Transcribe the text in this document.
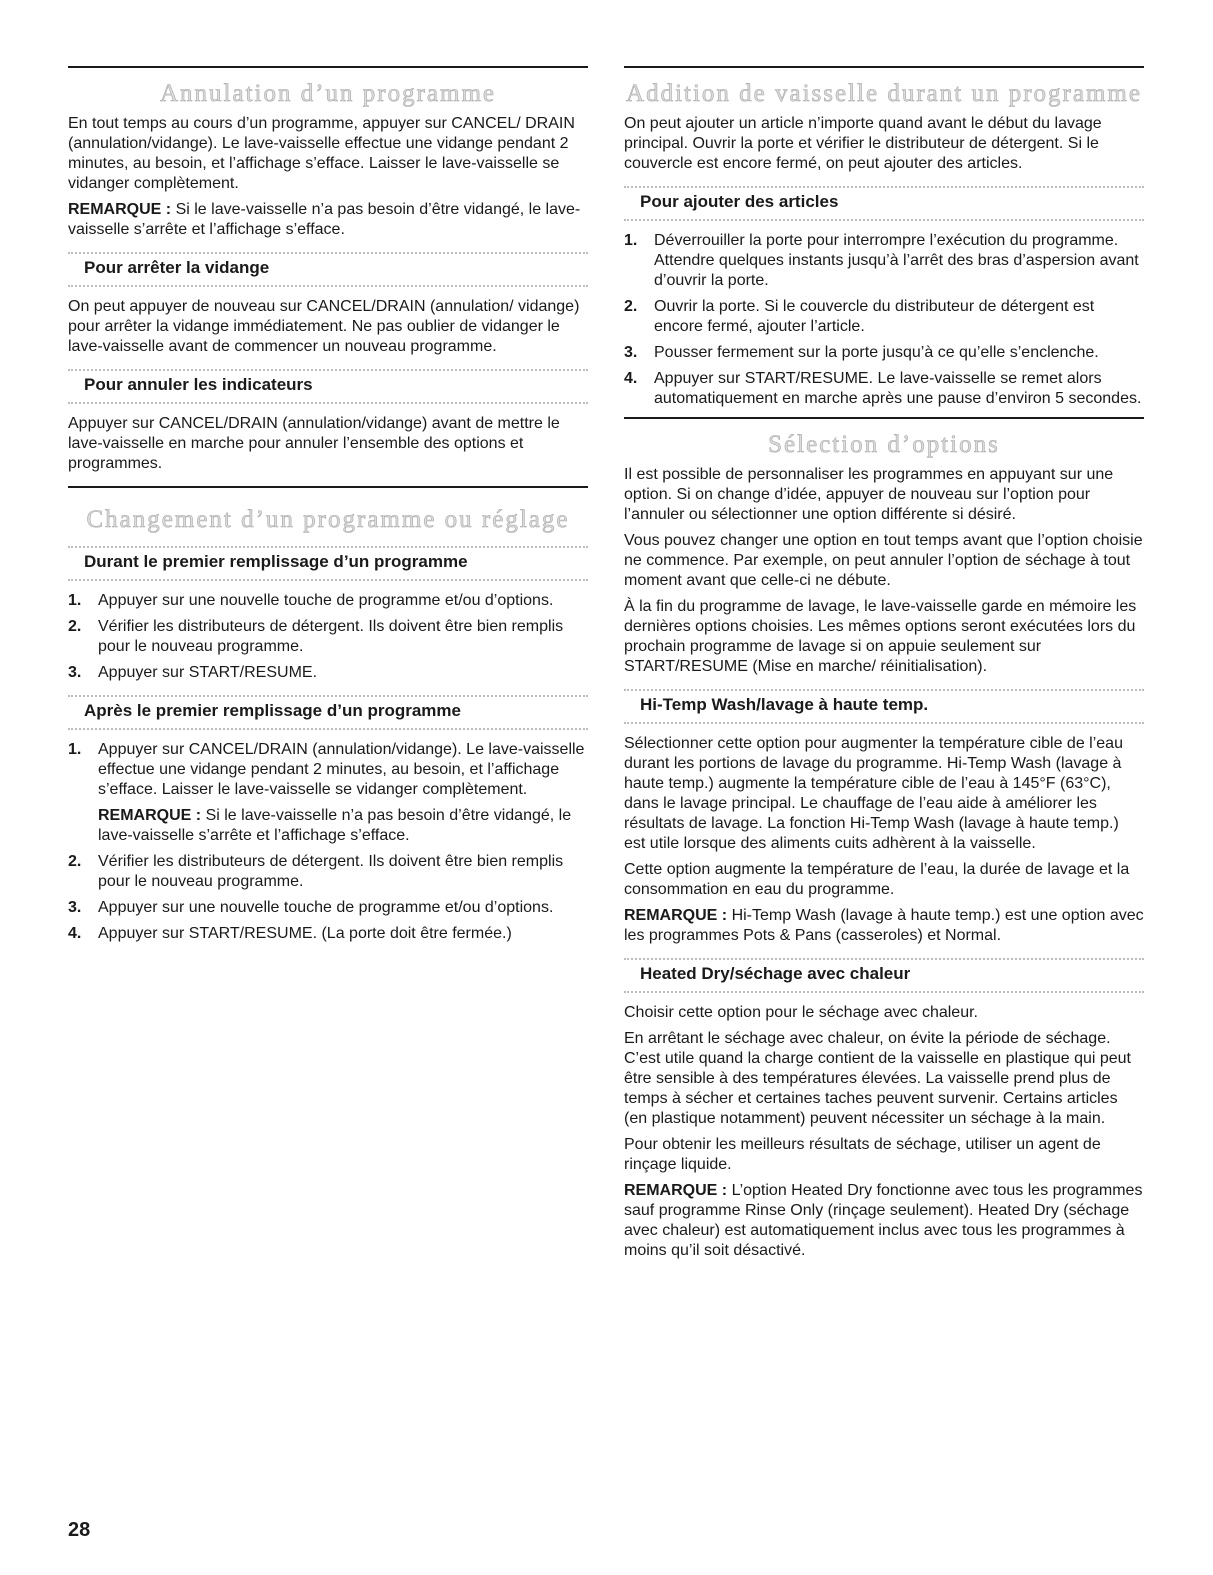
Annulation d’un programme

En tout temps au cours d’un programme, appuyer sur CANCEL/ DRAIN (annulation/vidange). Le lave-vaisselle effectue une vidange pendant 2 minutes, au besoin, et l’affichage s’efface. Laisser le lave-vaisselle se vidanger complètement.

REMARQUE : Si le lave-vaisselle n’a pas besoin d’être vidangé, le lave-vaisselle s’arrête et l’affichage s’efface.

Pour arrêter la vidange

On peut appuyer de nouveau sur CANCEL/DRAIN (annulation/ vidange) pour arrêter la vidange immédiatement. Ne pas oublier de vidanger le lave-vaisselle avant de commencer un nouveau programme.

Pour annuler les indicateurs

Appuyer sur CANCEL/DRAIN (annulation/vidange) avant de mettre le lave-vaisselle en marche pour annuler l’ensemble des options et programmes.

Changement d’un programme ou réglage
Durant le premier remplissage d’un programme
1. Appuyer sur une nouvelle touche de programme et/ou d’options.
2. Vérifier les distributeurs de détergent. Ils doivent être bien remplis pour le nouveau programme.
3. Appuyer sur START/RESUME.
Après le premier remplissage d’un programme
1. Appuyer sur CANCEL/DRAIN (annulation/vidange). Le lave-vaisselle effectue une vidange pendant 2 minutes, au besoin, et l’affichage s’efface. Laisser le lave-vaisselle se vidanger complètement.
REMARQUE : Si le lave-vaisselle n’a pas besoin d’être vidangé, le lave-vaisselle s’arrête et l’affichage s’efface.
2. Vérifier les distributeurs de détergent. Ils doivent être bien remplis pour le nouveau programme.
3. Appuyer sur une nouvelle touche de programme et/ou d’options.
4. Appuyer sur START/RESUME. (La porte doit être fermée.)
Addition de vaisselle durant un programme

On peut ajouter un article n’importe quand avant le début du lavage principal. Ouvrir la porte et vérifier le distributeur de détergent. Si le couvercle est encore fermé, on peut ajouter des articles.

Pour ajouter des articles
1. Déverrouiller la porte pour interrompre l’exécution du programme. Attendre quelques instants jusqu’à l’arrêt des bras d’aspersion avant d’ouvrir la porte.
2. Ouvrir la porte. Si le couvercle du distributeur de détergent est encore fermé, ajouter l’article.
3. Pousser fermement sur la porte jusqu’à ce qu’elle s’enclenche.
4. Appuyer sur START/RESUME. Le lave-vaisselle se remet alors automatiquement en marche après une pause d’environ 5 secondes.
Sélection d’options

Il est possible de personnaliser les programmes en appuyant sur une option. Si on change d’idée, appuyer de nouveau sur l’option pour l’annuler ou sélectionner une option différente si désiré.

Vous pouvez changer une option en tout temps avant que l’option choisie ne commence. Par exemple, on peut annuler l’option de séchage à tout moment avant que celle-ci ne débute.

À la fin du programme de lavage, le lave-vaisselle garde en mémoire les dernières options choisies. Les mêmes options seront exécutées lors du prochain programme de lavage si on appuie seulement sur START/RESUME (Mise en marche/ réinitialisation).

Hi-Temp Wash/lavage à haute temp.

Sélectionner cette option pour augmenter la température cible de l’eau durant les portions de lavage du programme. Hi-Temp Wash (lavage à haute temp.) augmente la température cible de l’eau à 145°F (63°C), dans le lavage principal. Le chauffage de l’eau aide à améliorer les résultats de lavage. La fonction Hi-Temp Wash (lavage à haute temp.) est utile lorsque des aliments cuits adhèrent à la vaisselle.

Cette option augmente la température de l’eau, la durée de lavage et la consommation en eau du programme.

REMARQUE : Hi-Temp Wash (lavage à haute temp.) est une option avec les programmes Pots & Pans (casseroles) et Normal.

Heated Dry/séchage avec chaleur

Choisir cette option pour le séchage avec chaleur.

En arrêtant le séchage avec chaleur, on évite la période de séchage. C’est utile quand la charge contient de la vaisselle en plastique qui peut être sensible à des températures élevées. La vaisselle prend plus de temps à sécher et certaines taches peuvent survenir. Certains articles (en plastique notamment) peuvent nécessiter un séchage à la main.

Pour obtenir les meilleurs résultats de séchage, utiliser un agent de rinçage liquide.

REMARQUE : L’option Heated Dry fonctionne avec tous les programmes sauf programme Rinse Only (rinçage seulement). Heated Dry (séchage avec chaleur) est automatiquement inclus avec tous les programmes à moins qu’il soit désactivé.

28
